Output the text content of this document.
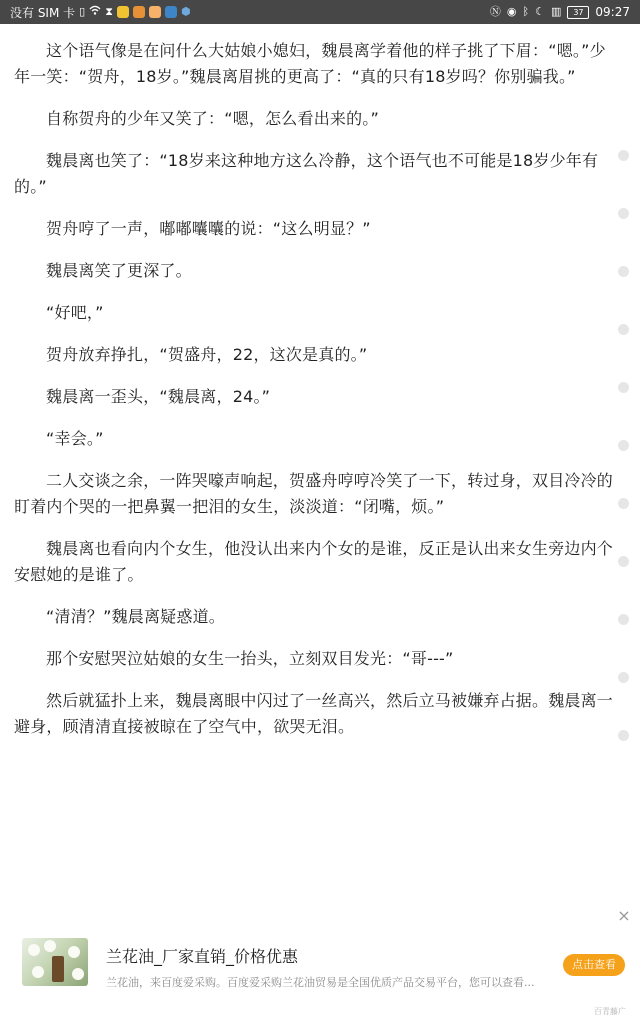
没有 SIM 卡 ▯ ⧗	⬢	Ⓝ ◉ ᛒ ☾ ▥	37 09:27

这个语气像是在问什么大姑娘小媳妇，魏晨离学着他的样子挑了下眉：“嗯。”少年一笑：“贺舟，18岁。”魏晨离眉挑的更高了：“真的只有18岁吗？你别骗我。”

自称贺舟的少年又笑了：“嗯，怎么看出来的。”

魏晨离也笑了：“18岁来这种地方这么冷静，这个语气也不可能是18岁少年有的。”

贺舟哼了一声，嘟嘟囔囔的说：“这么明显？”

魏晨离笑了更深了。

“好吧，”

贺舟放弃挣扎，“贺盛舟，22，这次是真的。”

魏晨离一歪头，“魏晨离，24。”

“幸会。”

二人交谈之余，一阵哭嚎声响起，贺盛舟哼哼冷笑了一下，转过身，双目冷冷的盯着内个哭的一把鼻翼一把泪的女生，淡淡道：“闭嘴，烦。”

魏晨离也看向内个女生，他没认出来内个女的是谁，反正是认出来女生旁边内个安慰她的是谁了。

“清清？”魏晨离疑惑道。

那个安慰哭泣姑娘的女生一抬头，立刻双目发光：“哥---”

然后就猛扑上来，魏晨离眼中闪过了一丝高兴，然后立马被嫌弃占据。魏晨离一避身，顾清清直接被晾在了空气中，欲哭无泪。

×
兰花油_厂家直销_价格优惠
兰花油，来百度爱采购。百度爱采购兰花油贸易是全国优质产品交易平台，您可以查看...
点击查看
百青藤广
